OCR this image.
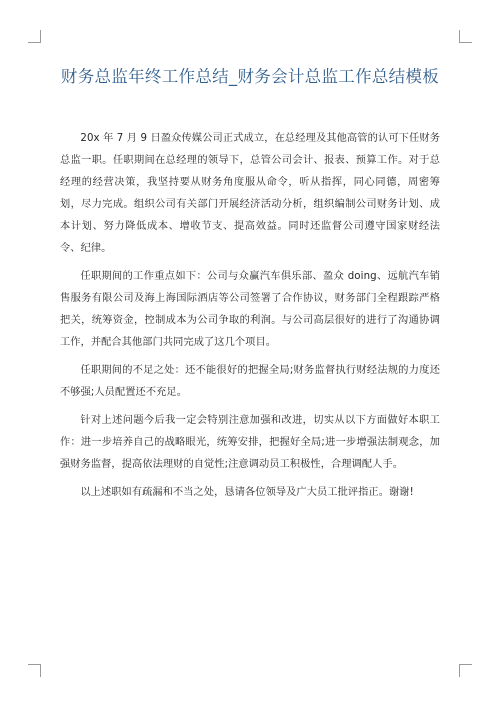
财务总监年终工作总结_财务会计总监工作总结模板

20x 年 7 月 9 日盈众传媒公司正式成立，在总经理及其他高管的认可下任财务总监一职。任职期间在总经理的领导下，总管公司会计、报表、预算工作。对于总经理的经营决策，我坚持要从财务角度服从命令，听从指挥，同心同德，周密筹划，尽力完成。组织公司有关部门开展经济活动分析，组织编制公司财务计划、成本计划、努力降低成本、增收节支、提高效益。同时还监督公司遵守国家财经法令、纪律。

任职期间的工作重点如下：公司与众赢汽车俱乐部、盈众 doing、远航汽车销售服务有限公司及海上海国际酒店等公司签署了合作协议，财务部门全程跟踪严格把关，统筹资金，控制成本为公司争取的利润。与公司高层很好的进行了沟通协调工作，并配合其他部门共同完成了这几个项目。

任职期间的不足之处：还不能很好的把握全局;财务监督执行财经法规的力度还不够强;人员配置还不充足。

针对上述问题今后我一定会特别注意加强和改进，切实从以下方面做好本职工作：进一步培养自己的战略眼光，统筹安排，把握好全局;进一步增强法制观念，加强财务监督，提高依法理财的自觉性;注意调动员工积极性，合理调配人手。

以上述职如有疏漏和不当之处，恳请各位领导及广大员工批评指正。谢谢!
